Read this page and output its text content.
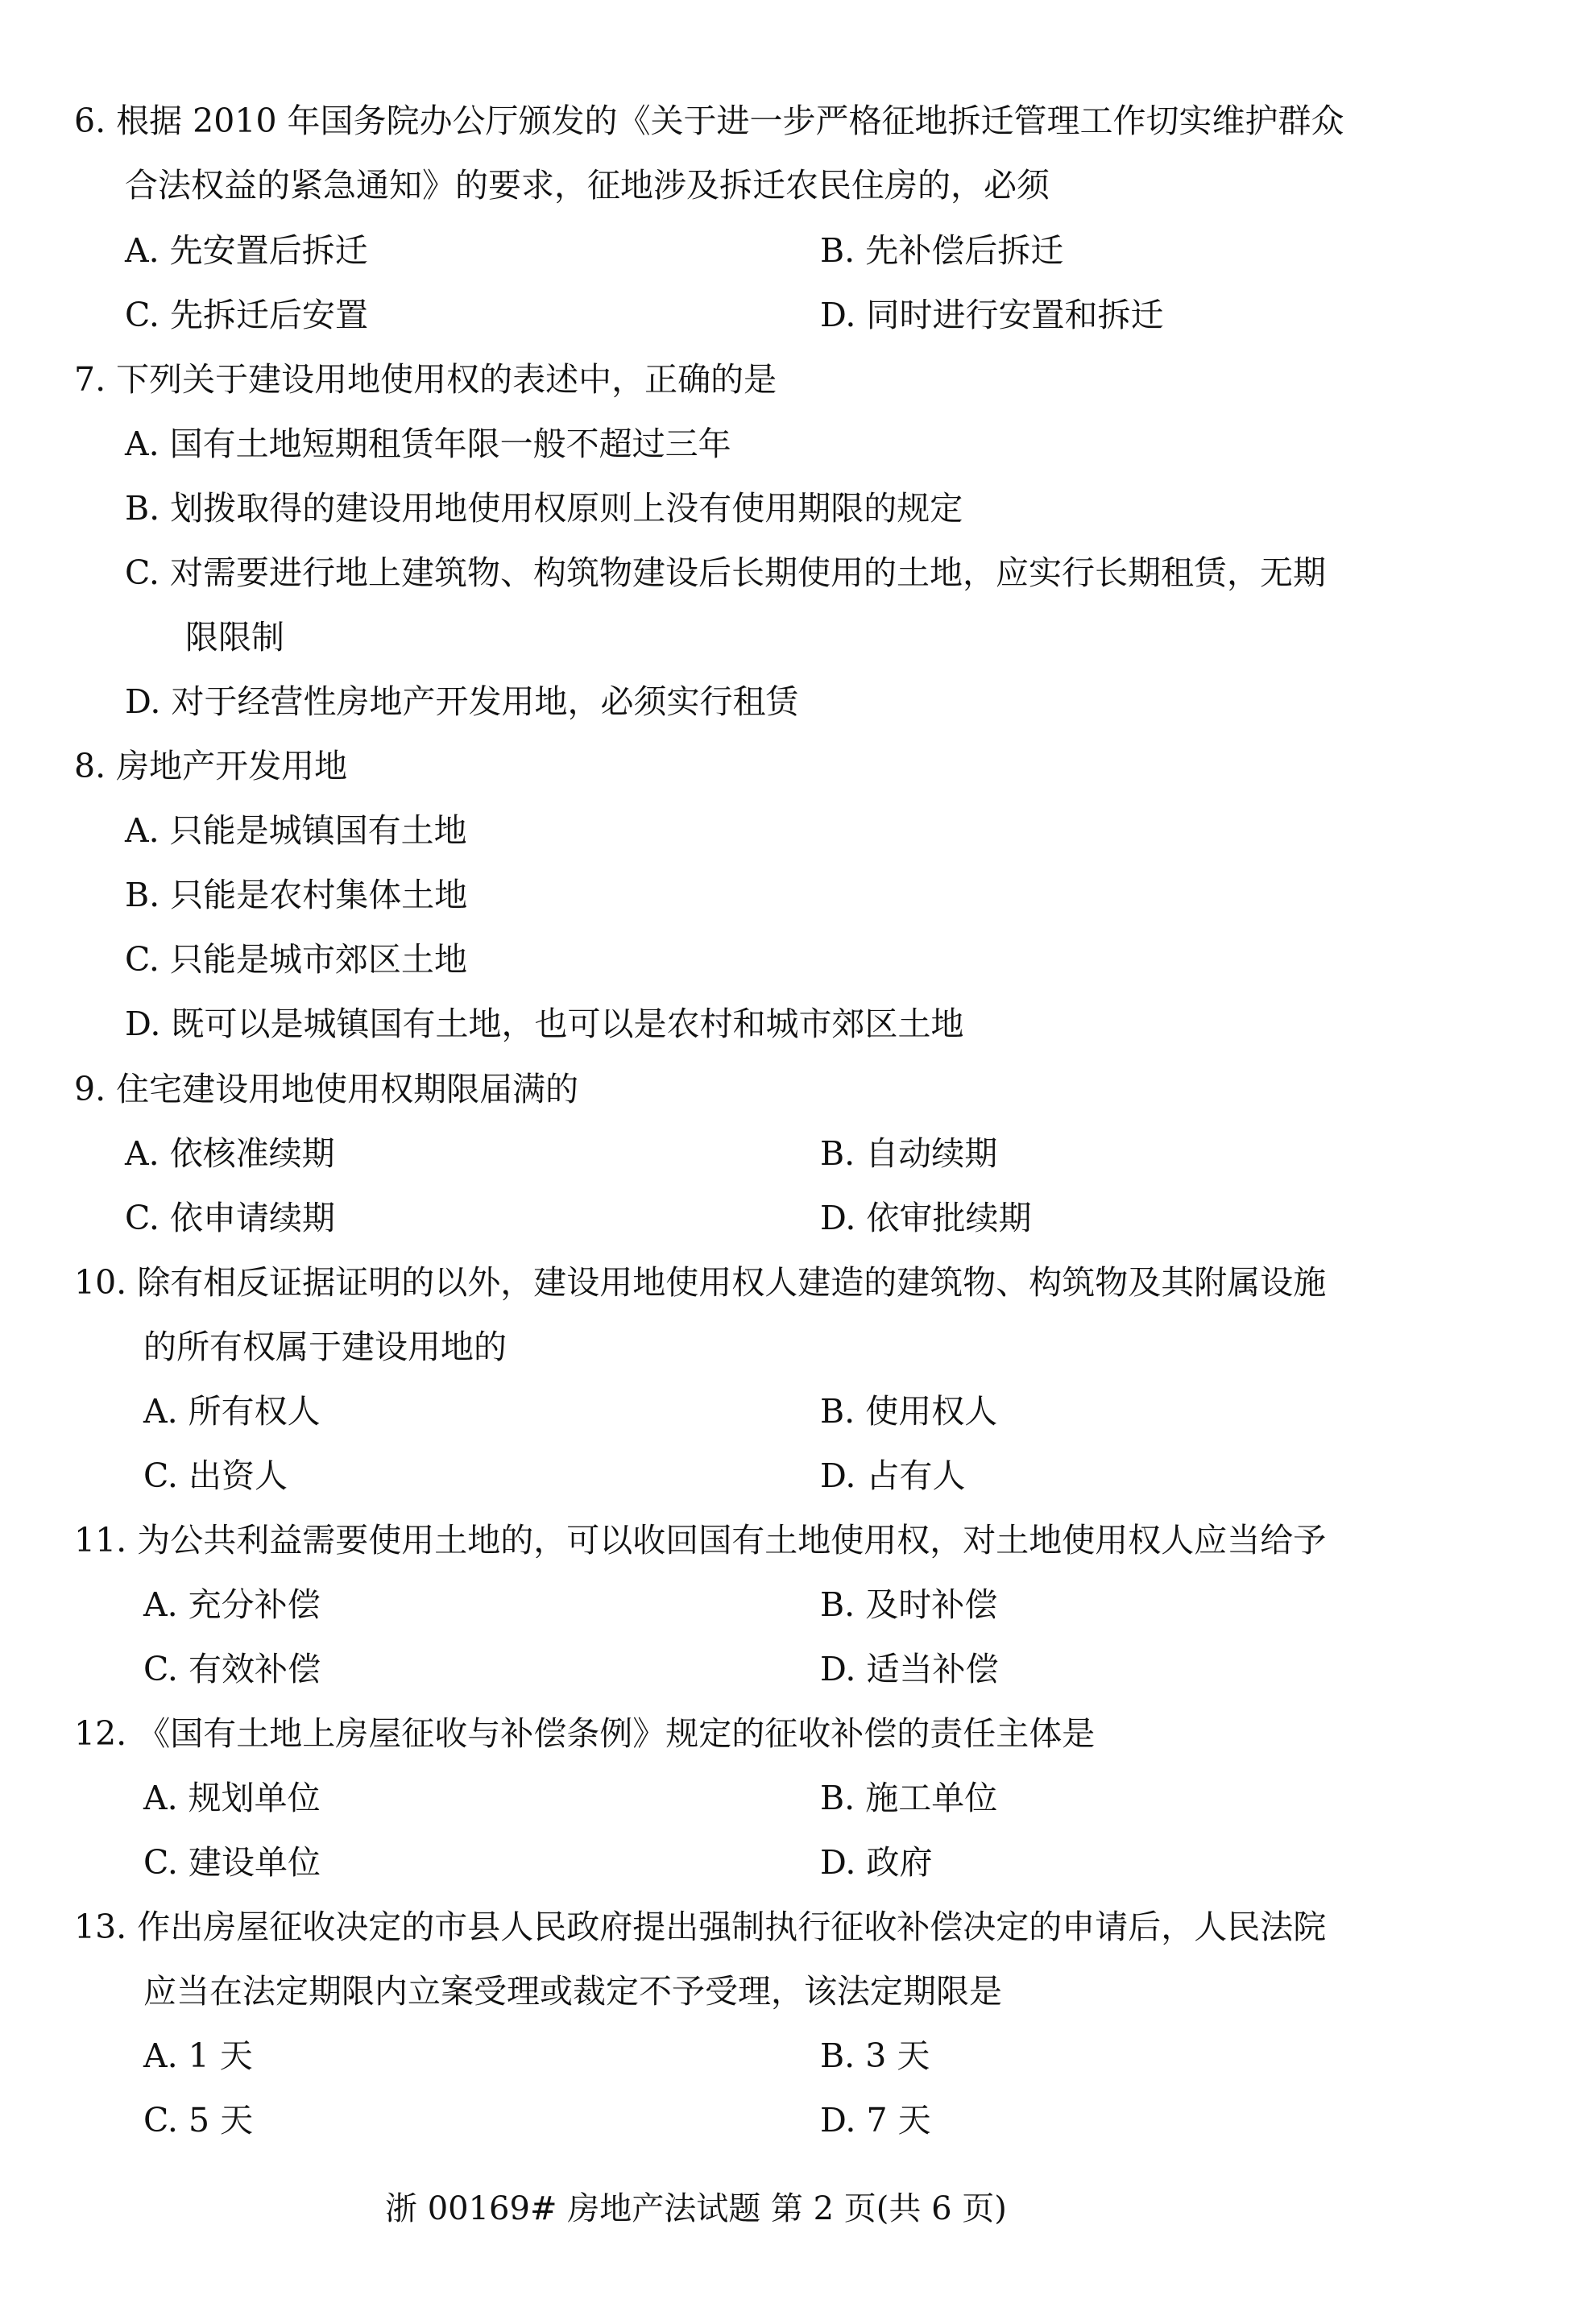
6. 根据 2010 年国务院办公厅颁发的《关于进一步严格征地拆迁管理工作切实维护群众
合法权益的紧急通知》的要求，征地涉及拆迁农民住房的，必须
A. 先安置后拆迁	B. 先补偿后拆迁
C. 先拆迁后安置	D. 同时进行安置和拆迁
7. 下列关于建设用地使用权的表述中，正确的是
A. 国有土地短期租赁年限一般不超过三年
B. 划拨取得的建设用地使用权原则上没有使用期限的规定
C. 对需要进行地上建筑物、构筑物建设后长期使用的土地，应实行长期租赁，无期
限限制
D. 对于经营性房地产开发用地，必须实行租赁
8. 房地产开发用地
A. 只能是城镇国有土地
B. 只能是农村集体土地
C. 只能是城市郊区土地
D. 既可以是城镇国有土地，也可以是农村和城市郊区土地
9. 住宅建设用地使用权期限届满的
A. 依核准续期	B. 自动续期
C. 依申请续期	D. 依审批续期
10. 除有相反证据证明的以外，建设用地使用权人建造的建筑物、构筑物及其附属设施
的所有权属于建设用地的
A. 所有权人	B. 使用权人
C. 出资人	D. 占有人
11. 为公共利益需要使用土地的，可以收回国有土地使用权，对土地使用权人应当给予
A. 充分补偿	B. 及时补偿
C. 有效补偿	D. 适当补偿
12. 《国有土地上房屋征收与补偿条例》规定的征收补偿的责任主体是
A. 规划单位	B. 施工单位
C. 建设单位	D. 政府
13. 作出房屋征收决定的市县人民政府提出强制执行征收补偿决定的申请后，人民法院
应当在法定期限内立案受理或裁定不予受理，该法定期限是
A. 1 天	B. 3 天
C. 5 天	D. 7 天
浙 00169# 房地产法试题 第 2 页(共 6 页)
